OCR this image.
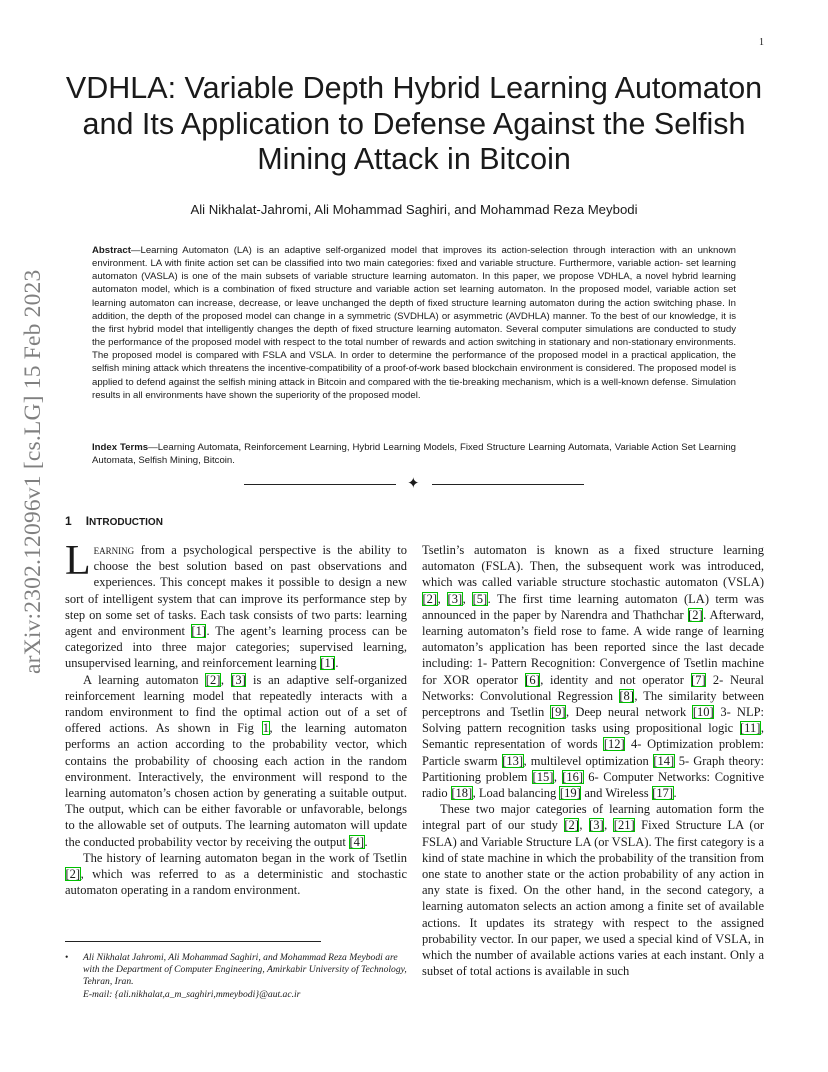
1
arXiv:2302.12096v1 [cs.LG] 15 Feb 2023
VDHLA: Variable Depth Hybrid Learning Automaton and Its Application to Defense Against the Selfish Mining Attack in Bitcoin
Ali Nikhalat-Jahromi, Ali Mohammad Saghiri, and Mohammad Reza Meybodi

Abstract—Learning Automaton (LA) is an adaptive self-organized model that improves its action-selection through interaction with an unknown environment. LA with finite action set can be classified into two main categories: fixed and variable structure. Furthermore, variable action- set learning automaton (VASLA) is one of the main subsets of variable structure learning automaton. In this paper, we propose VDHLA, a novel hybrid learning automaton model, which is a combination of fixed structure and variable action set learning automaton. In the proposed model, variable action set learning automaton can increase, decrease, or leave unchanged the depth of fixed structure learning automaton during the action switching phase. In addition, the depth of the proposed model can change in a symmetric (SVDHLA) or asymmetric (AVDHLA) manner. To the best of our knowledge, it is the first hybrid model that intelligently changes the depth of fixed structure learning automaton. Several computer simulations are conducted to study the performance of the proposed model with respect to the total number of rewards and action switching in stationary and non-stationary environments. The proposed model is compared with FSLA and VSLA. In order to determine the performance of the proposed model in a practical application, the selfish mining attack which threatens the incentive-compatibility of a proof-of-work based blockchain environment is considered. The proposed model is applied to defend against the selfish mining attack in Bitcoin and compared with the tie-breaking mechanism, which is a well-known defense. Simulation results in all environments have shown the superiority of the proposed model.

Index Terms—Learning Automata, Reinforcement Learning, Hybrid Learning Models, Fixed Structure Learning Automata, Variable Action Set Learning Automata, Selfish Mining, Bitcoin.

✦
1 INTRODUCTION

Learning from a psychological perspective is the ability to choose the best solution based on past observations and experiences. This concept makes it possible to design a new sort of intelligent system that can improve its performance step by step on some set of tasks. Each task consists of two parts: learning agent and environment [1]. The agent’s learning process can be categorized into three major categories; supervised learning, unsupervised learning, and reinforcement learning [1].

A learning automaton [2], [3] is an adaptive self-organized reinforcement learning model that repeatedly interacts with a random environment to find the optimal action out of a set of offered actions. As shown in Fig 1, the learning automaton performs an action according to the probability vector, which contains the probability of choosing each action in the random environment. Interactively, the environment will respond to the learning automaton’s chosen action by generating a suitable output. The output, which can be either favorable or unfavorable, belongs to the allowable set of outputs. The learning automaton will update the conducted probability vector by receiving the output [4].

The history of learning automaton began in the work of Tsetlin [2], which was referred to as a deterministic and stochastic automaton operating in a random environment.

Tsetlin’s automaton is known as a fixed structure learning automaton (FSLA). Then, the subsequent work was introduced, which was called variable structure stochastic automaton (VSLA) [2], [3], [5]. The first time learning automaton (LA) term was announced in the paper by Narendra and Thathchar [2]. Afterward, learning automaton’s field rose to fame. A wide range of learning automaton’s application has been reported since the last decade including: 1- Pattern Recognition: Convergence of Tsetlin machine for XOR operator [6], identity and not operator [7] 2- Neural Networks: Convolutional Regression [8], The similarity between perceptrons and Tsetlin [9], Deep neural network [10] 3- NLP: Solving pattern recognition tasks using propositional logic [11], Semantic representation of words [12] 4- Optimization problem: Particle swarm [13], multilevel optimization [14] 5- Graph theory: Partitioning problem [15], [16] 6- Computer Networks: Cognitive radio [18], Load balancing [19] and Wireless [17].

These two major categories of learning automation form the integral part of our study [2], [3], [21] Fixed Structure LA (or FSLA) and Variable Structure LA (or VSLA). The first category is a kind of state machine in which the probability of the transition from one state to another state or the action probability of any action in any state is fixed. On the other hand, in the second category, a learning automaton selects an action among a finite set of available actions. It updates its strategy with respect to the assigned probability vector. In our paper, we used a special kind of VSLA, in which the number of available actions varies at each instant. Only a subset of total actions is available in such

• Ali Nikhalat Jahromi, Ali Mohammad Saghiri, and Mohammad Reza Meybodi are with the Department of Computer Engineering, Amirkabir University of Technology, Tehran, Iran.
E-mail: {ali.nikhalat,a_m_saghiri,mmeybodi}@aut.ac.ir
